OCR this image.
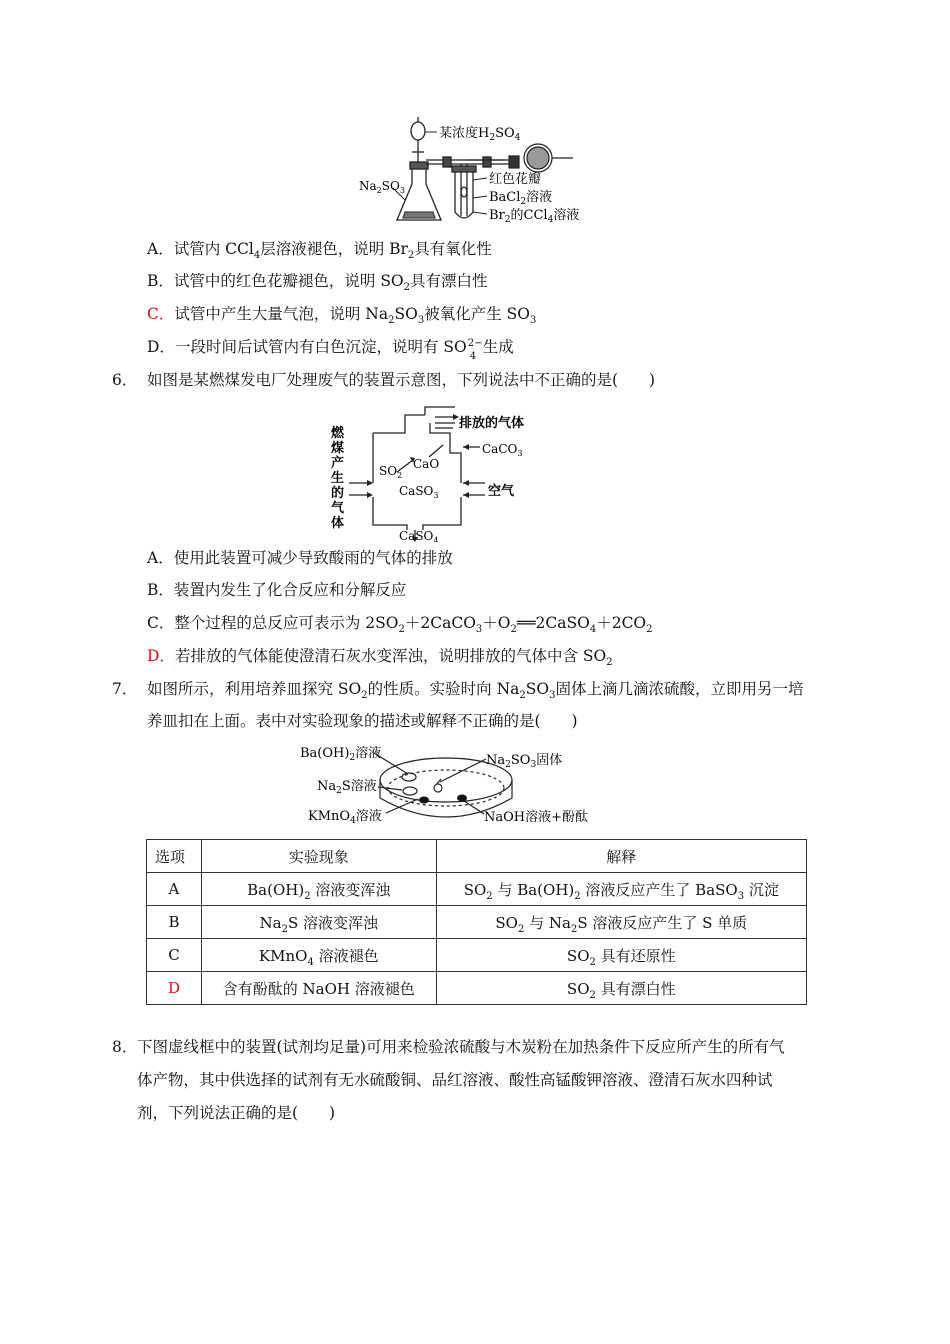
某浓度$H_2SO_4$
$Na_2SO_3$
红色花瓣
BaCl$_2$溶液
$Br_2$的CCl$_4$溶液
A．试管内 CCl$_4$层溶液褪色，说明 $Br_2$具有氧化性
B．试管中的红色花瓣褪色，说明 $SO_2$具有漂白性
C．试管中产生大量气泡，说明 $Na_2SO_3$被氧化产生 $SO_3$
D．一段时间后试管内有白色沉淀，说明有 SO 2−
4
生成
6． 如图是某燃煤发电厂处理废气的装置示意图，下列说法中不正确的是(　　)
燃 煤 产 生 的 气 体
排放的气体
CaCO$_3$
CaO
$SO_2$
CaSO$_3$	空气
CaSO$_4$
A．使用此装置可减少导致酸雨的气体的排放
B．装置内发生了化合反应和分解反应
C．整个过程的总反应可表示为 $2SO_2+2CaCO_3+O_2══2CaSO_4+2CO_2$
D．若排放的气体能使澄清石灰水变浑浊，说明排放的气体中含 $SO_2$
7． 如图所示，利用培养皿探究 $SO_2$的性质。实验时向 $Na_2SO_3$固体上滴几滴浓硫酸，立即用另一培
养皿扣在上面。表中对实验现象的描述或解释不正确的是(　　)
$Ba(OH)_2$溶液	$Na_2SO_3$固体
$Na_2S$溶液
KMnO$_4$溶液	NaOH溶液+酚酞
选项	实验现象	解释
A	$Ba(OH)_2$ 溶液变浑浊	$SO_2$ 与 $Ba(OH)_2$ 溶液反应产生了 BaSO$_3$ 沉淀
B	$Na_2S$ 溶液变浑浊	$SO_2$ 与 $Na_2S$ 溶液反应产生了 S 单质
C	KMnO$_4$ 溶液褪色	$SO_2$ 具有还原性
D	含有酚酞的 NaOH 溶液褪色	$SO_2$ 具有漂白性
8．下图虚线框中的装置(试剂均足量)可用来检验浓硫酸与木炭粉在加热条件下反应所产生的所有气
体产物，其中供选择的试剂有无水硫酸铜、品红溶液、酸性高锰酸钾溶液、澄清石灰水四种试
剂，下列说法正确的是(　　)
